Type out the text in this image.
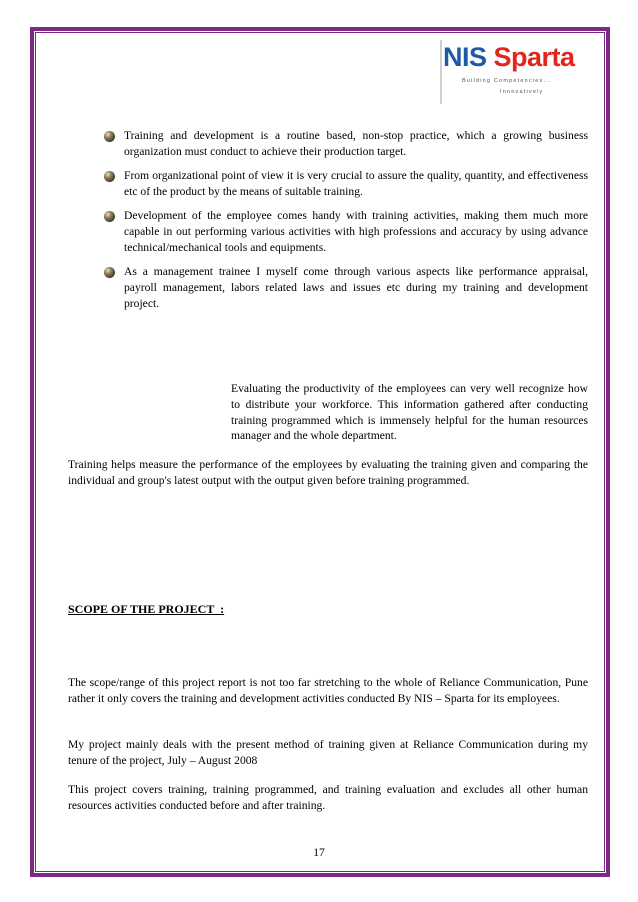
NIS Sparta
Building Competencies...
Innovatively
Training and development is a routine based, non-stop practice, which a growing business organization must conduct to achieve their production target.
From organizational point of view it is very crucial to assure the quality, quantity, and effectiveness etc of the product by the means of suitable training.
Development of the employee comes handy with training activities, making them much more capable in out performing various activities with high professions and accuracy by using advance technical/mechanical tools and equipments.
As a management trainee I myself come through various aspects like performance appraisal, payroll management, labors related laws and issues etc during my training and development project.

Evaluating the productivity of the employees can very well recognize how to distribute your workforce. This information gathered after conducting training programmed which is immensely helpful for the human resources manager and the whole department.

Training helps measure the performance of the employees by evaluating the training given and comparing the individual and group's latest output with the output given before training programmed.

SCOPE OF THE PROJECT  :

The scope/range of this project report is not too far stretching to the whole of Reliance Communication, Pune rather it only covers the training and development activities conducted By NIS – Sparta for its employees.

My project mainly deals with the present method of training given at Reliance Communication during my tenure of the project, July – August 2008

This project covers training, training programmed, and training evaluation and excludes all other human resources activities conducted before and after training.

17
